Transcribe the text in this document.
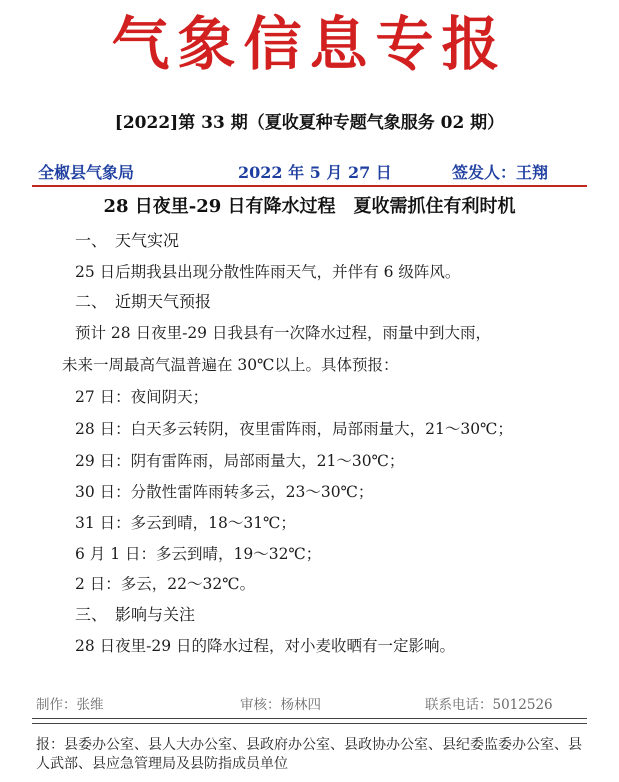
气象信息专报
[2022]第 33 期（夏收夏种专题气象服务 02 期）
全椒县气象局	2022 年 5 月 27 日	签发人：王翔
28 日夜里-29 日有降水过程　夏收需抓住有利时机
一、　天气实况
25 日后期我县出现分散性阵雨天气，并伴有 6 级阵风。
二、　近期天气预报
预计 28 日夜里-29 日我县有一次降水过程，雨量中到大雨，
未来一周最高气温普遍在 30℃以上。具体预报：
27 日：夜间阴天；
28 日：白天多云转阴，夜里雷阵雨，局部雨量大，21～30℃；
29 日：阴有雷阵雨，局部雨量大，21～30℃；
30 日：分散性雷阵雨转多云，23～30℃；
31 日：多云到晴，18～31℃；
6 月 1 日：多云到晴，19～32℃；
2 日：多云，22～32℃。
三、　影响与关注
28 日夜里-29 日的降水过程，对小麦收晒有一定影响。
制作：张维	审核：杨林四	联系电话：5012526
报：县委办公室、县人大办公室、县政府办公室、县政协办公室、县纪委监委办公室、县人武部、县应急管理局及县防指成员单位
